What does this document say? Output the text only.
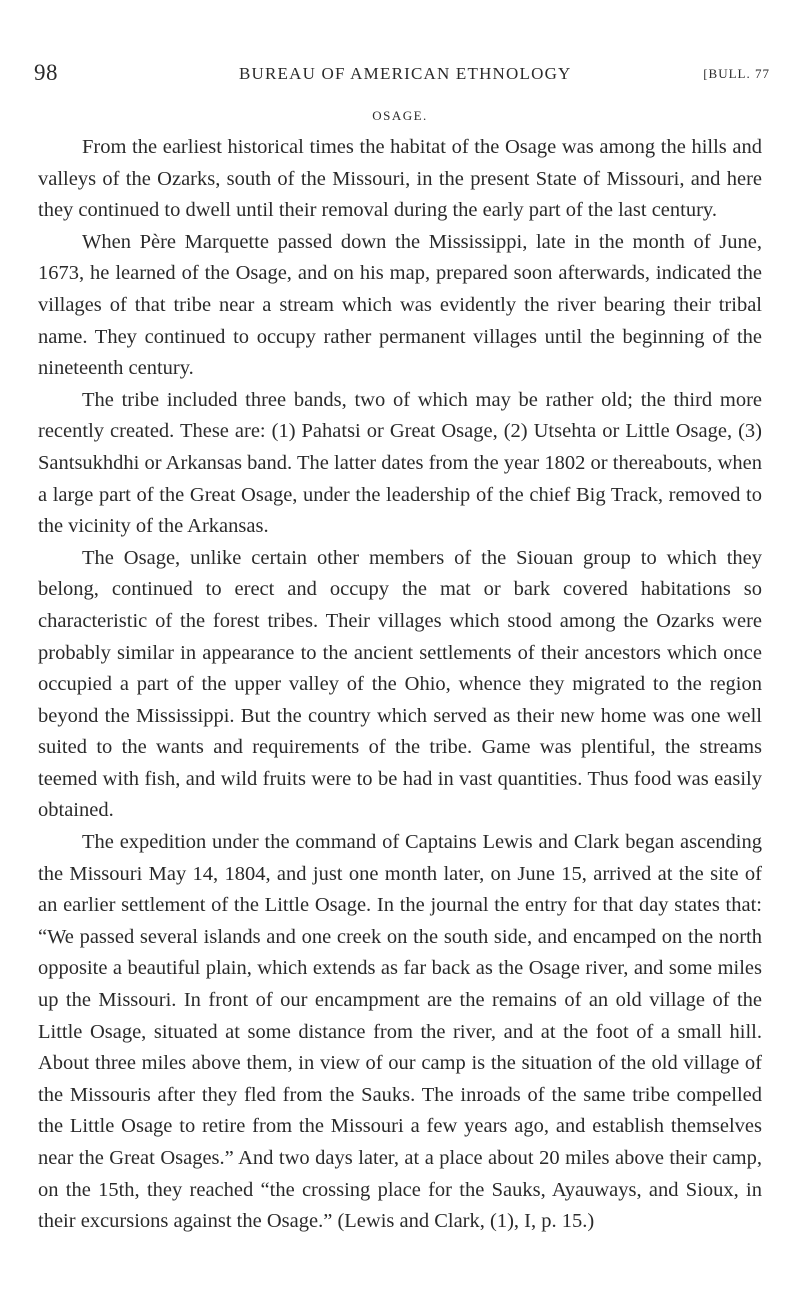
98	BUREAU OF AMERICAN ETHNOLOGY	[BULL. 77
OSAGE.

From the earliest historical times the habitat of the Osage was among the hills and valleys of the Ozarks, south of the Missouri, in the present State of Missouri, and here they continued to dwell until their removal during the early part of the last century.

When Père Marquette passed down the Mississippi, late in the month of June, 1673, he learned of the Osage, and on his map, prepared soon afterwards, indicated the villages of that tribe near a stream which was evidently the river bearing their tribal name. They continued to occupy rather permanent villages until the beginning of the nineteenth century.

The tribe included three bands, two of which may be rather old; the third more recently created. These are: (1) Pahatsi or Great Osage, (2) Utsehta or Little Osage, (3) Santsukhdhi or Arkansas band. The latter dates from the year 1802 or thereabouts, when a large part of the Great Osage, under the leadership of the chief Big Track, removed to the vicinity of the Arkansas.

The Osage, unlike certain other members of the Siouan group to which they belong, continued to erect and occupy the mat or bark covered habitations so characteristic of the forest tribes. Their villages which stood among the Ozarks were probably similar in appearance to the ancient settlements of their ancestors which once occupied a part of the upper valley of the Ohio, whence they migrated to the region beyond the Mississippi. But the country which served as their new home was one well suited to the wants and requirements of the tribe. Game was plentiful, the streams teemed with fish, and wild fruits were to be had in vast quantities. Thus food was easily obtained.

The expedition under the command of Captains Lewis and Clark began ascending the Missouri May 14, 1804, and just one month later, on June 15, arrived at the site of an earlier settlement of the Little Osage. In the journal the entry for that day states that: “We passed several islands and one creek on the south side, and encamped on the north opposite a beautiful plain, which extends as far back as the Osage river, and some miles up the Missouri. In front of our encampment are the remains of an old village of the Little Osage, situated at some distance from the river, and at the foot of a small hill. About three miles above them, in view of our camp is the situation of the old village of the Missouris after they fled from the Sauks. The inroads of the same tribe compelled the Little Osage to retire from the Missouri a few years ago, and establish themselves near the Great Osages.” And two days later, at a place about 20 miles above their camp, on the 15th, they reached “the crossing place for the Sauks, Ayauways, and Sioux, in their excursions against the Osage.” (Lewis and Clark, (1), I, p. 15.)
